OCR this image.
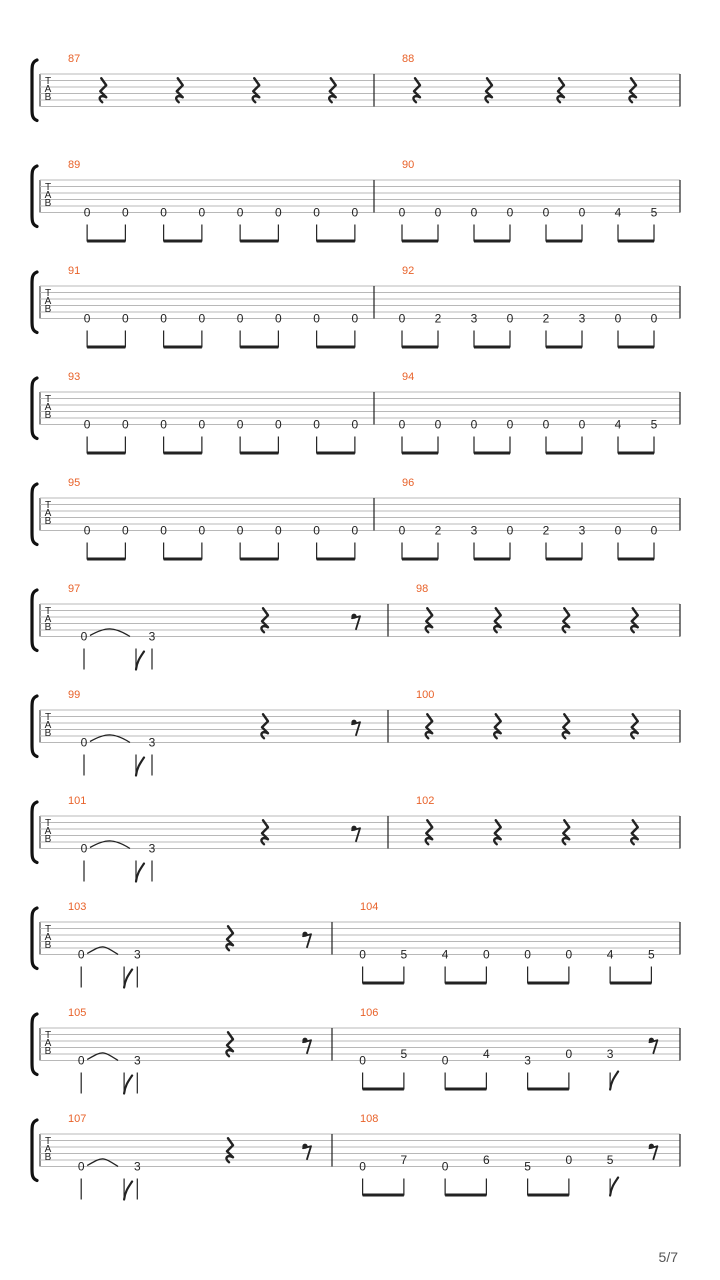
T
A
B
87	88
T
A
B
89
0	0	0	0	0	0	0	0
90
0 0 0 0 0 0 4 5
T
A
B
91
0	0	0	0	0	0	0	0
92
0 2 3 0 2 3 0 0
T
A
B
93
0	0	0	0	0	0	0	0
94
0 0 0 0 0 0 4 5
T
A
B
95
0	0	0	0	0	0	0	0
96
0 2 3 0 2 3 0 0
T
A
B
97
0	3
98
T
A
B
99
0	3
100
T
A
B
101
0	3
102
T
A
B
103
0	3
104
0	5	4	0	0	0	4	5
T
A
B
105
0	3
106
0	5	0	4	3	0	3
T
A
B
107
0	3
108
0	7	0	6	5	0	5
5/7
